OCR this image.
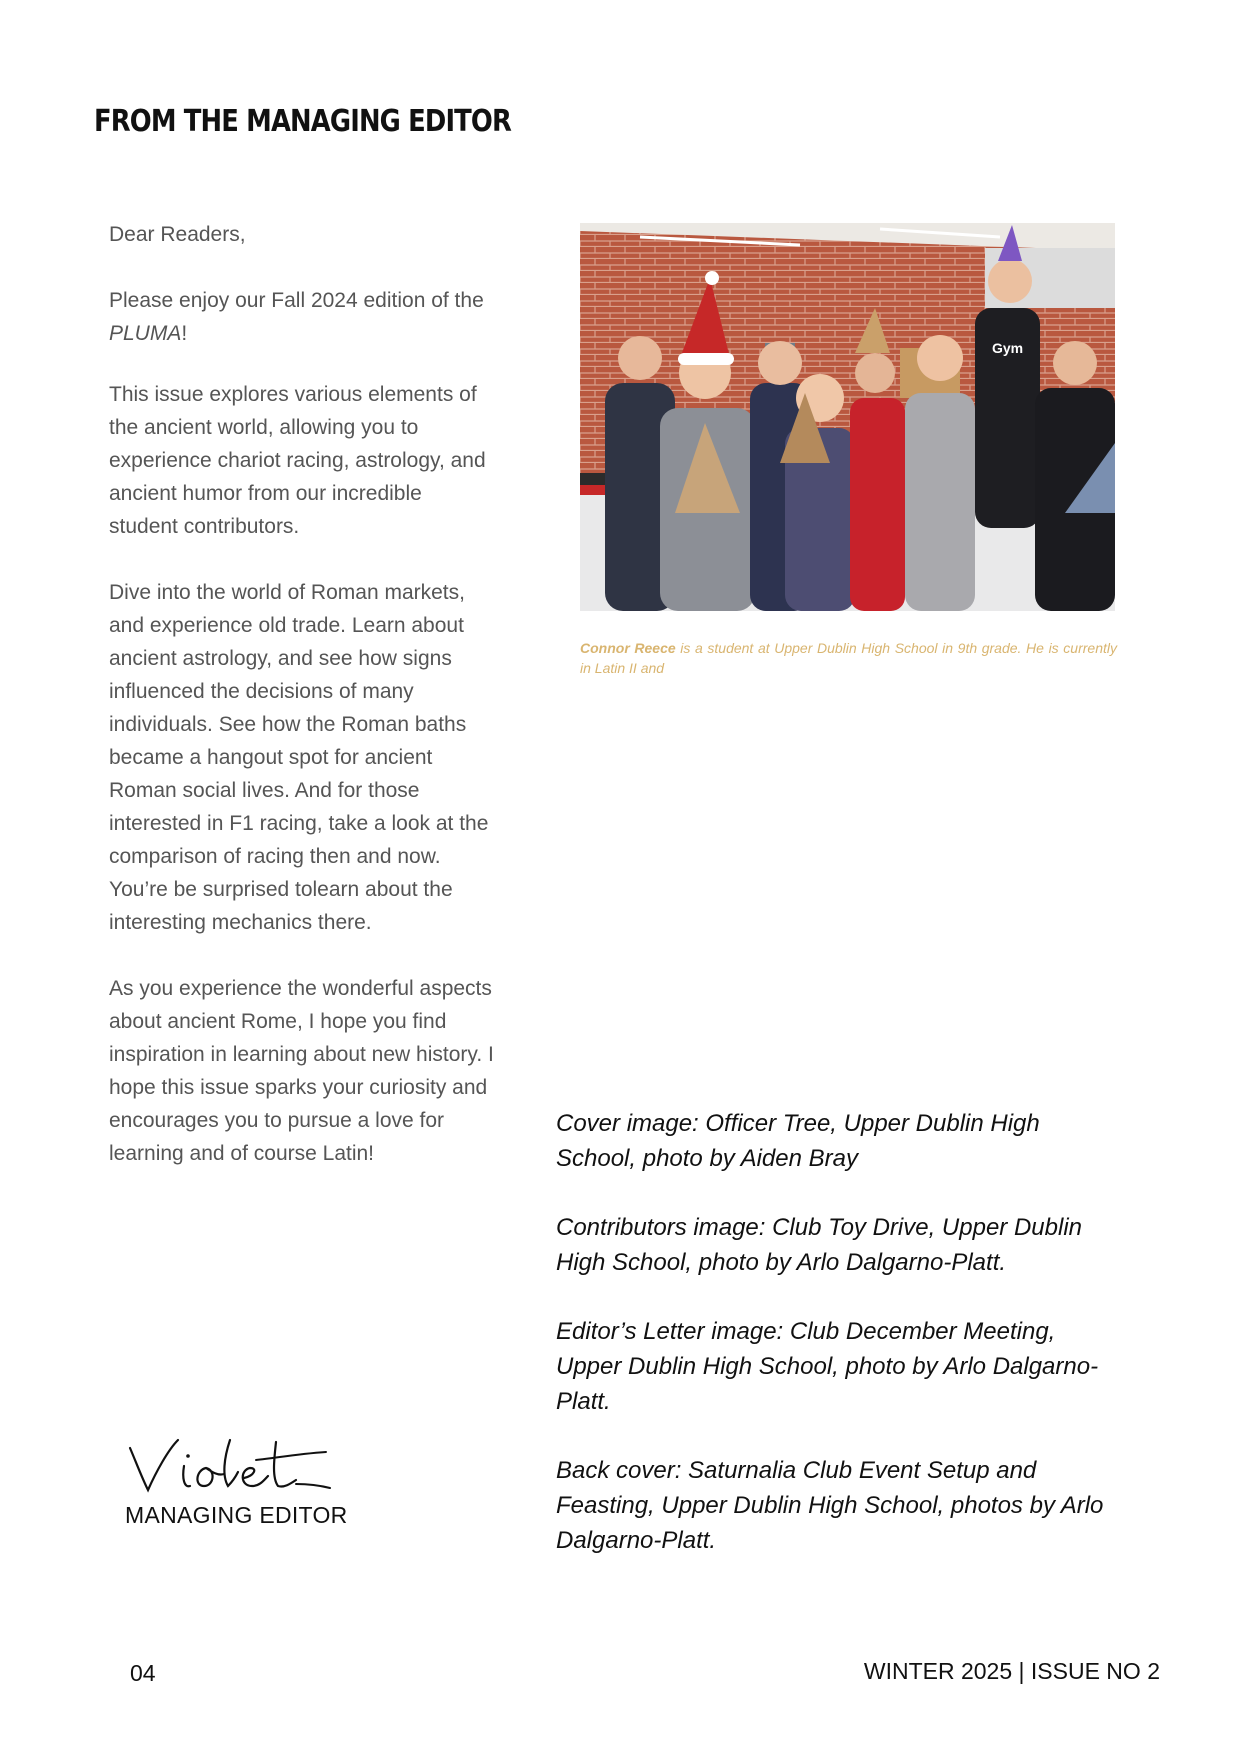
FROM THE MANAGING EDITOR

Dear Readers,

Please enjoy our Fall 2024 edition of the PLUMA!

This issue explores various elements of the ancient world, allowing you to experience chariot racing, astrology, and ancient humor from our incredible student contributors.

Dive into the world of Roman markets, and experience old trade. Learn about ancient astrology, and see how signs influenced the decisions of many individuals. See how the Roman baths became a hangout spot for ancient Roman social lives. And for those interested in F1 racing, take a look at the comparison of racing then and now. You’re be surprised tolearn about the interesting mechanics there.

As you experience the wonderful aspects about ancient Rome, I hope you find inspiration in learning about new history. I hope this issue sparks your curiosity and encourages you to pursue a love for learning and of course Latin!

Gym
Connor Reece is a student at Upper Dublin High School in 9th grade. He is currently in Latin II and

Cover image: Officer Tree, Upper Dublin High School, photo by Aiden Bray

Contributors image: Club Toy Drive, Upper Dublin High School, photo by Arlo Dalgarno-Platt.

Editor’s Letter image: Club December Meeting, Upper Dublin High School, photo by Arlo Dalgarno-Platt.

Back cover: Saturnalia Club Event Setup and Feasting, Upper Dublin High School, photos by Arlo Dalgarno-Platt.

MANAGING EDITOR
04	WINTER 2025 | ISSUE NO 2
